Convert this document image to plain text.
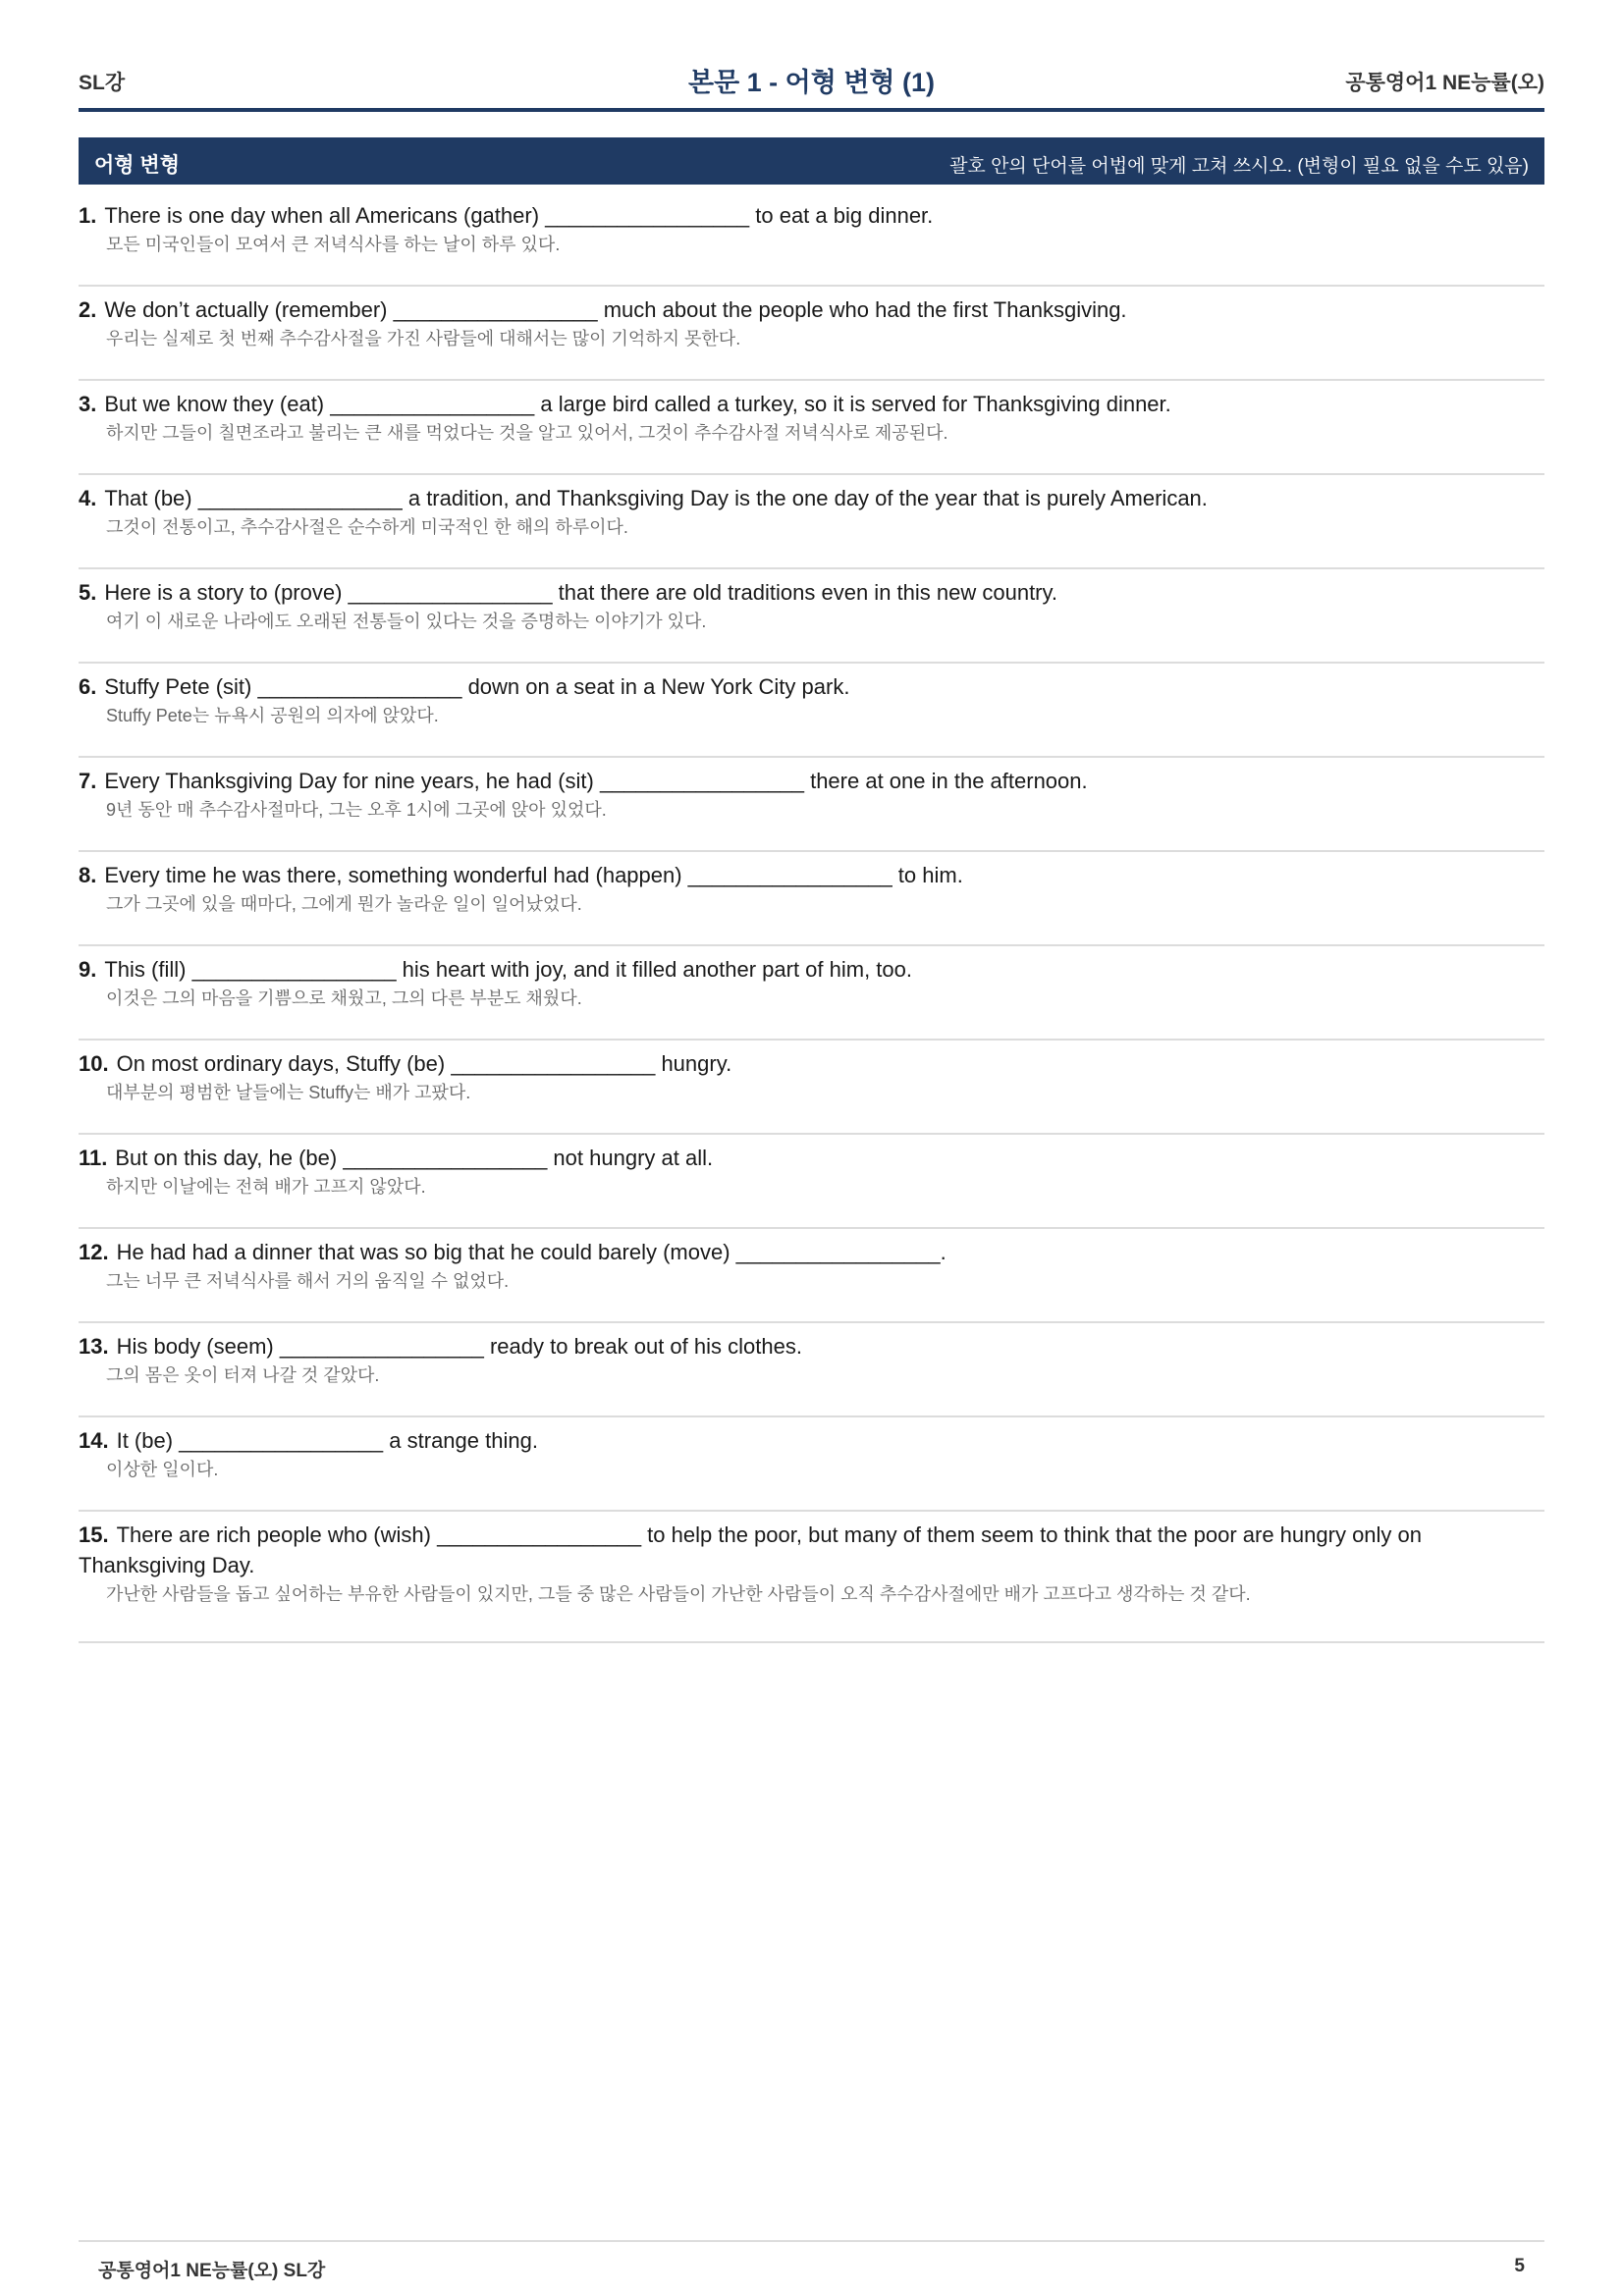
SL강	본문 1 - 어형 변형 (1)	공통영어1 NE능률(오)
어형 변형	괄호 안의 단어를 어법에 맞게 고쳐 쓰시오. (변형이 필요 없을 수도 있음)
1. There is one day when all Americans (gather) _________________ to eat a big dinner.
모든 미국인들이 모여서 큰 저녁식사를 하는 날이 하루 있다.
2. We don’t actually (remember) _________________ much about the people who had the first Thanksgiving.
우리는 실제로 첫 번째 추수감사절을 가진 사람들에 대해서는 많이 기억하지 못한다.
3. But we know they (eat) _________________ a large bird called a turkey, so it is served for Thanksgiving dinner.
하지만 그들이 칠면조라고 불리는 큰 새를 먹었다는 것을 알고 있어서, 그것이 추수감사절 저녁식사로 제공된다.
4. That (be) _________________ a tradition, and Thanksgiving Day is the one day of the year that is purely American.
그것이 전통이고, 추수감사절은 순수하게 미국적인 한 해의 하루이다.
5. Here is a story to (prove) _________________ that there are old traditions even in this new country.
여기 이 새로운 나라에도 오래된 전통들이 있다는 것을 증명하는 이야기가 있다.
6. Stuffy Pete (sit) _________________ down on a seat in a New York City park.
Stuffy Pete는 뉴욕시 공원의 의자에 앉았다.
7. Every Thanksgiving Day for nine years, he had (sit) _________________ there at one in the afternoon.
9년 동안 매 추수감사절마다, 그는 오후 1시에 그곳에 앉아 있었다.
8. Every time he was there, something wonderful had (happen) _________________ to him.
그가 그곳에 있을 때마다, 그에게 뭔가 놀라운 일이 일어났었다.
9. This (fill) _________________ his heart with joy, and it filled another part of him, too.
이것은 그의 마음을 기쁨으로 채웠고, 그의 다른 부분도 채웠다.
10. On most ordinary days, Stuffy (be) _________________ hungry.
대부분의 평범한 날들에는 Stuffy는 배가 고팠다.
11. But on this day, he (be) _________________ not hungry at all.
하지만 이날에는 전혀 배가 고프지 않았다.
12. He had had a dinner that was so big that he could barely (move) _________________.
그는 너무 큰 저녁식사를 해서 거의 움직일 수 없었다.
13. His body (seem) _________________ ready to break out of his clothes.
그의 몸은 옷이 터져 나갈 것 같았다.
14. It (be) _________________ a strange thing.
이상한 일이다.
15. There are rich people who (wish) _________________ to help the poor, but many of them seem to think that the poor are hungry only on Thanksgiving Day.
가난한 사람들을 돕고 싶어하는 부유한 사람들이 있지만, 그들 중 많은 사람들이 가난한 사람들이 오직 추수감사절에만 배가 고프다고 생각하는 것 같다.
공통영어1 NE능률(오) SL강	5
